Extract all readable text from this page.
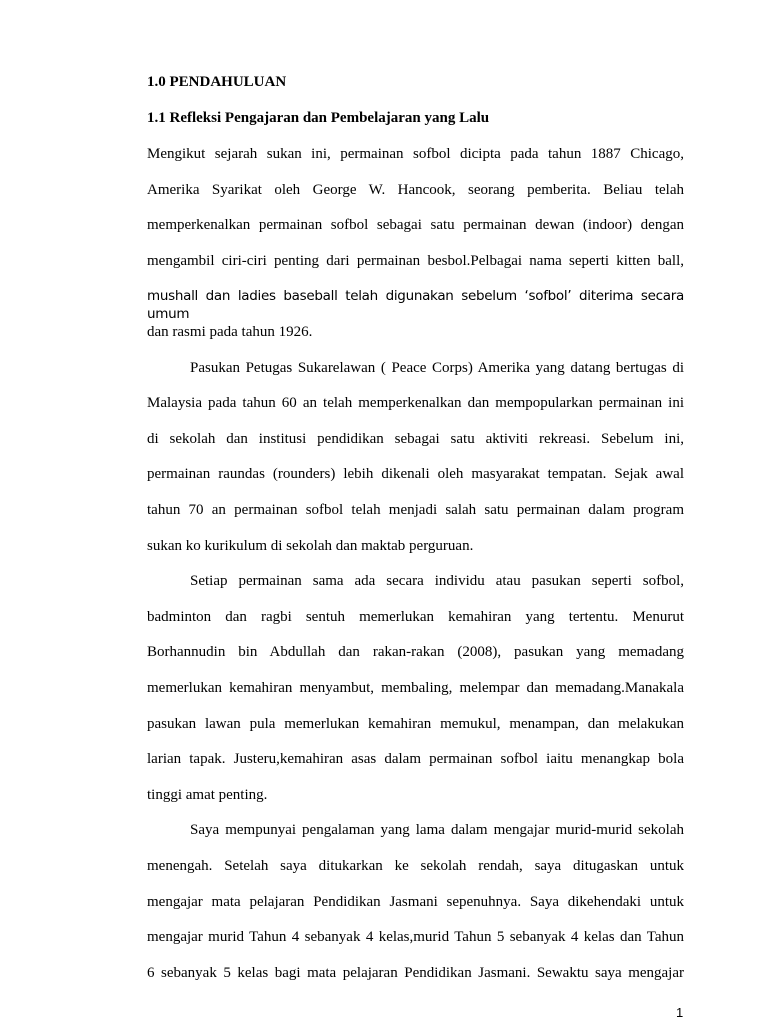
1.0 PENDAHULUAN
1.1 Refleksi Pengajaran dan Pembelajaran yang Lalu
Mengikut sejarah sukan ini, permainan sofbol dicipta pada tahun 1887 Chicago,
Amerika Syarikat oleh George W. Hancook, seorang pemberita. Beliau telah
memperkenalkan permainan sofbol sebagai satu permainan dewan (indoor) dengan
mengambil ciri-ciri penting dari permainan besbol.Pelbagai nama seperti kitten ball,
mushall dan ladies baseball telah digunakan sebelum ‘sofbol’ diterima secara umum
dan rasmi pada tahun 1926.
Pasukan Petugas Sukarelawan ( Peace Corps) Amerika yang datang bertugas di
Malaysia pada tahun 60 an telah memperkenalkan dan mempopularkan permainan ini
di sekolah dan institusi pendidikan sebagai satu aktiviti rekreasi. Sebelum ini,
permainan raundas (rounders) lebih dikenali oleh masyarakat tempatan. Sejak awal
tahun 70 an permainan sofbol telah menjadi salah satu permainan dalam program
sukan ko kurikulum di sekolah dan maktab perguruan.
Setiap permainan sama ada secara individu atau pasukan seperti sofbol,
badminton dan ragbi sentuh memerlukan kemahiran yang tertentu. Menurut
Borhannudin bin Abdullah dan rakan-rakan (2008), pasukan yang memadang
memerlukan kemahiran menyambut, membaling, melempar dan memadang.Manakala
pasukan lawan pula memerlukan kemahiran memukul, menampan, dan melakukan
larian tapak. Justeru,kemahiran asas dalam permainan sofbol iaitu menangkap bola
tinggi amat penting.
Saya mempunyai pengalaman yang lama dalam mengajar murid-murid sekolah
menengah. Setelah saya ditukarkan ke sekolah rendah, saya ditugaskan untuk
mengajar mata pelajaran Pendidikan Jasmani sepenuhnya. Saya dikehendaki untuk
mengajar murid Tahun 4 sebanyak 4 kelas,murid Tahun 5 sebanyak 4 kelas dan Tahun
6 sebanyak 5 kelas bagi mata pelajaran Pendidikan Jasmani. Sewaktu saya mengajar
1
